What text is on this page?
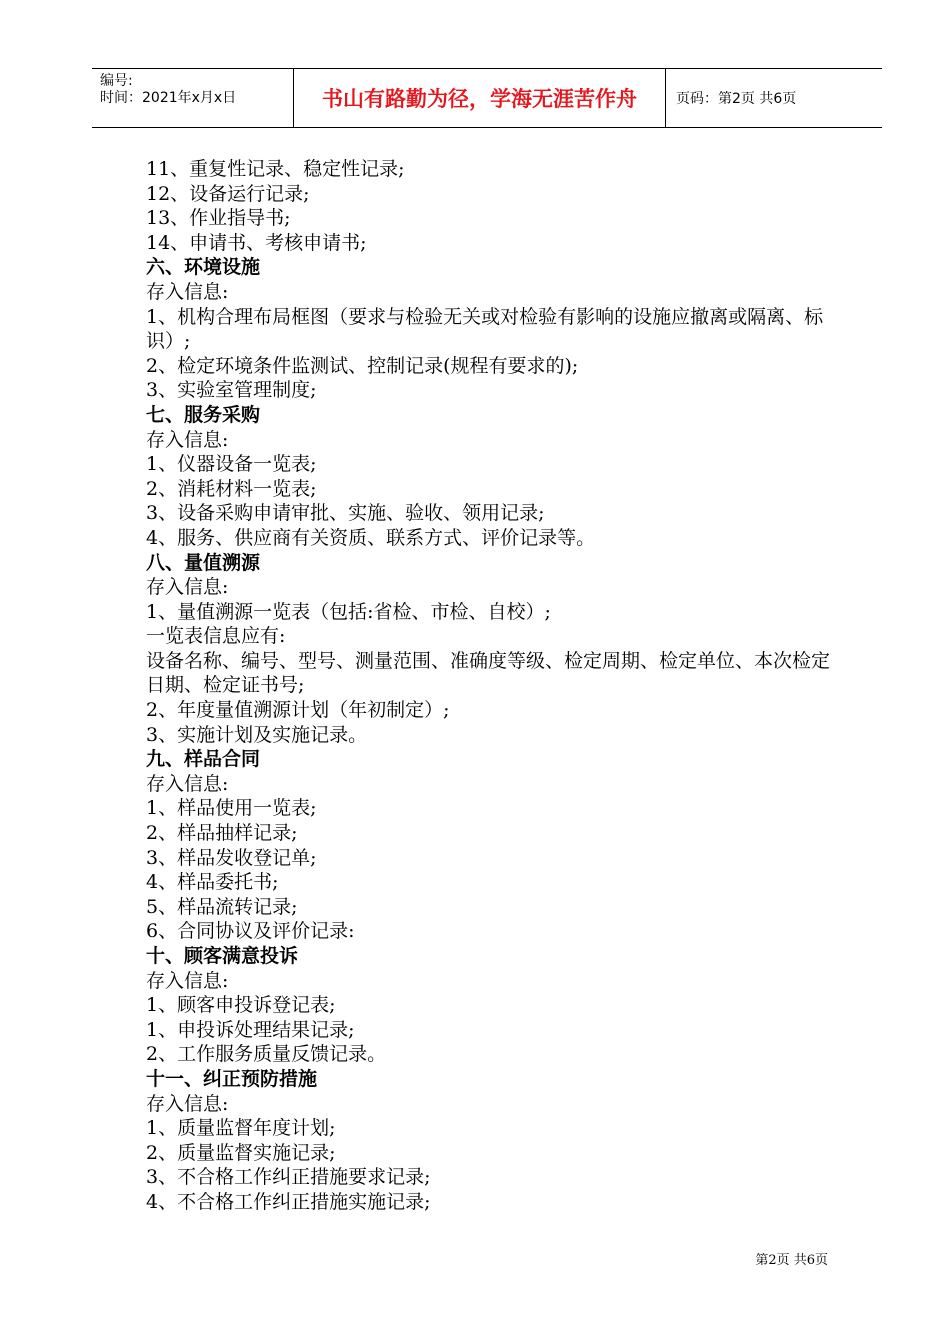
编号:
时间：2021年x月x日	书山有路勤为径，学海无涯苦作舟	页码：第2页 共6页
11、重复性记录、稳定性记录;
12、设备运行记录;
13、作业指导书;
14、申请书、考核申请书;
六、环境设施
存入信息:
1、机构合理布局框图（要求与检验无关或对检验有影响的设施应撤离或隔离、标识）;
2、检定环境条件监测试、控制记录(规程有要求的);
3、实验室管理制度;
七、服务采购
存入信息:
1、仪器设备一览表;
2、消耗材料一览表;
3、设备采购申请审批、实施、验收、领用记录;
4、服务、供应商有关资质、联系方式、评价记录等。
八、量值溯源
存入信息:
1、量值溯源一览表（包括:省检、市检、自校）;
一览表信息应有:
设备名称、编号、型号、测量范围、准确度等级、检定周期、检定单位、本次检定日期、检定证书号;
2、年度量值溯源计划（年初制定）;
3、实施计划及实施记录。
九、样品合同
存入信息:
1、样品使用一览表;
2、样品抽样记录;
3、样品发收登记单;
4、样品委托书;
5、样品流转记录;
6、合同协议及评价记录:
十、顾客满意投诉
存入信息:
1、顾客申投诉登记表;
1、申投诉处理结果记录;
2、工作服务质量反馈记录。
十一、纠正预防措施
存入信息:
1、质量监督年度计划;
2、质量监督实施记录;
3、不合格工作纠正措施要求记录;
4、不合格工作纠正措施实施记录;
第2页 共6页
